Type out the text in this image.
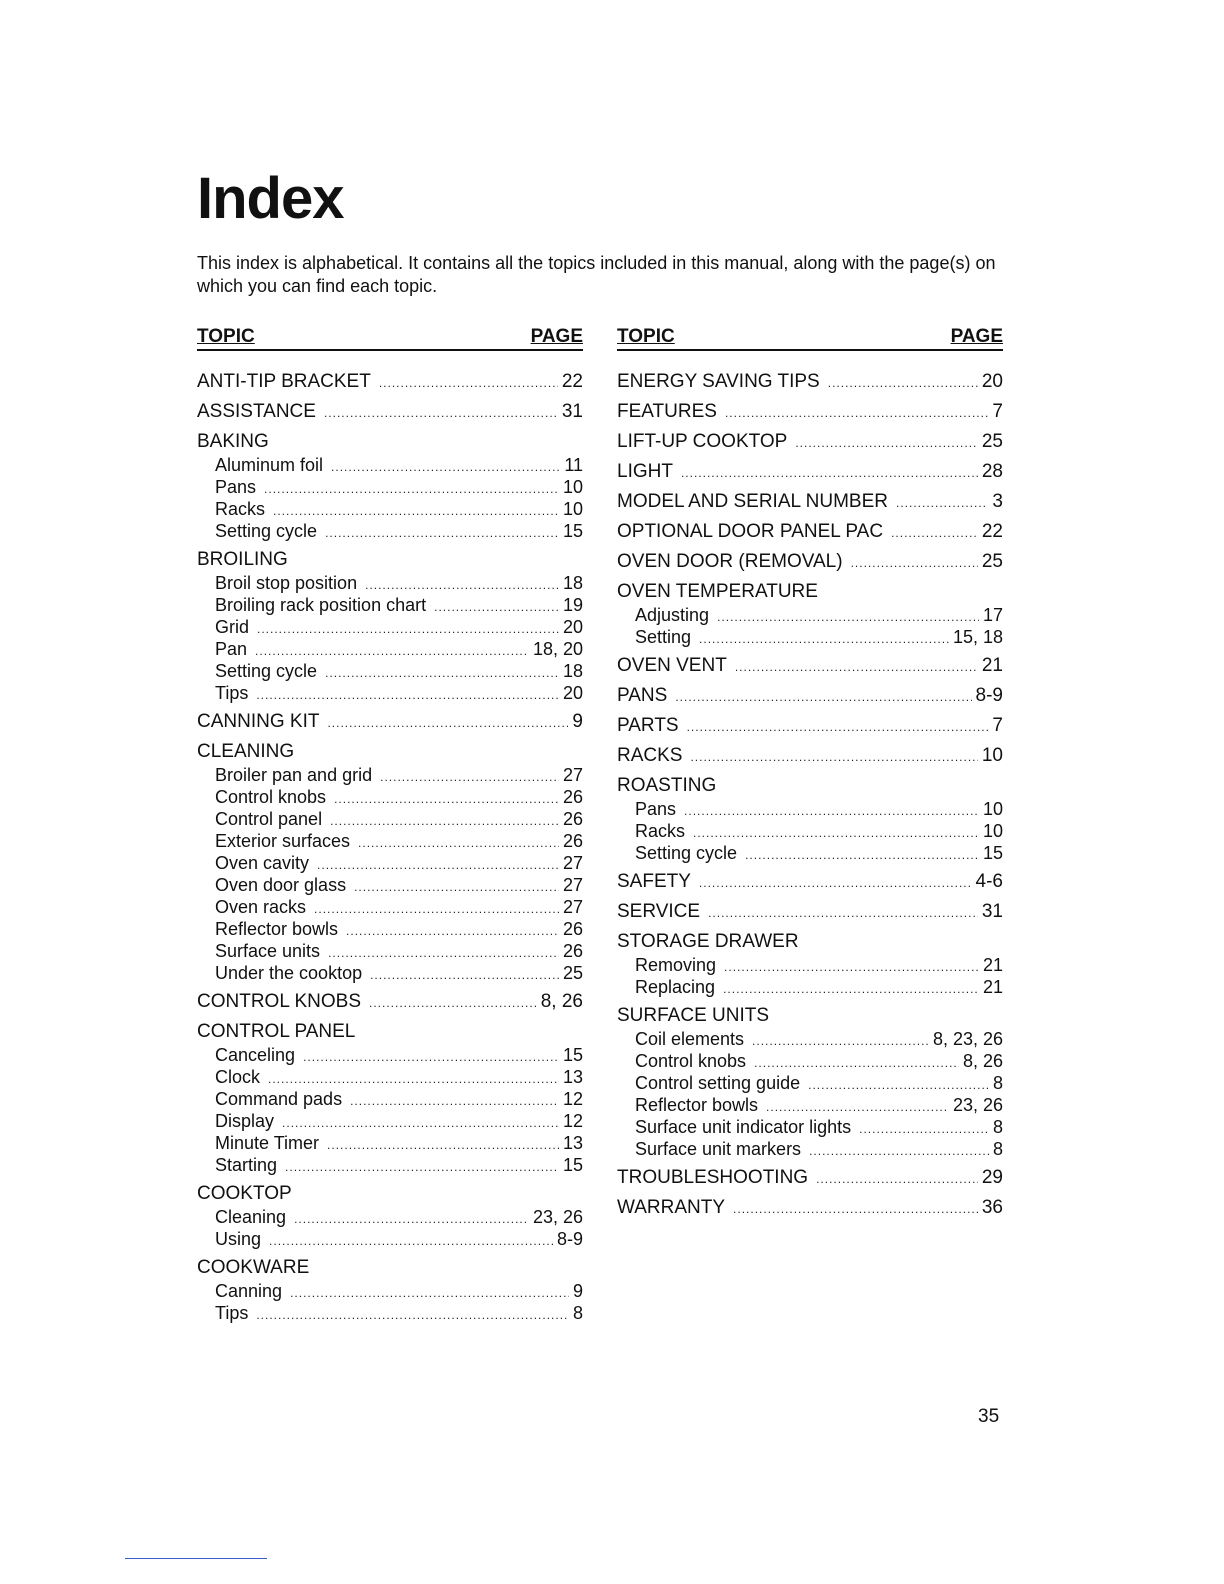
Index
This index is alphabetical. It contains all the topics included in this manual, along with the page(s) on which you can find each topic.
TOPIC	PAGE
ANTI-TIP BRACKET .....	22
ASSISTANCE .....	31
BAKING
Aluminum foil .....	11
Pans .....	10
Racks .....	10
Setting cycle .....	15
BROILING
Broil stop position .....	18
Broiling rack position chart .....	19
Grid .....	20
Pan .....	18, 20
Setting cycle .....	18
Tips .....	20
CANNING KIT .....	9
CLEANING
Broiler pan and grid .....	27
Control knobs .....	26
Control panel .....	26
Exterior surfaces .....	26
Oven cavity .....	27
Oven door glass .....	27
Oven racks .....	27
Reflector bowls .....	26
Surface units .....	26
Under the cooktop .....	25
CONTROL KNOBS .....	8, 26
CONTROL PANEL
Canceling .....	15
Clock .....	13
Command pads .....	12
Display .....	12
Minute Timer .....	13
Starting .....	15
COOKTOP
Cleaning .....	23, 26
Using .....	8-9
COOKWARE
Canning .....	9
Tips .....	8
TOPIC	PAGE
ENERGY SAVING TIPS .....	20
FEATURES .....	7
LIFT-UP COOKTOP .....	25
LIGHT .....	28
MODEL AND SERIAL NUMBER .....	3
OPTIONAL DOOR PANEL PAC .....	22
OVEN DOOR (REMOVAL) .....	25
OVEN TEMPERATURE
Adjusting .....	17
Setting .....	15, 18
OVEN VENT .....	21
PANS .....	8-9
PARTS .....	7
RACKS .....	10
ROASTING
Pans .....	10
Racks .....	10
Setting cycle .....	15
SAFETY .....	4-6
SERVICE .....	31
STORAGE DRAWER
Removing .....	21
Replacing .....	21
SURFACE UNITS
Coil elements .....	8, 23, 26
Control knobs .....	8, 26
Control setting guide .....	8
Reflector bowls .....	23, 26
Surface unit indicator lights .....	8
Surface unit markers .....	8
TROUBLESHOOTING .....	29
WARRANTY .....	36
35
